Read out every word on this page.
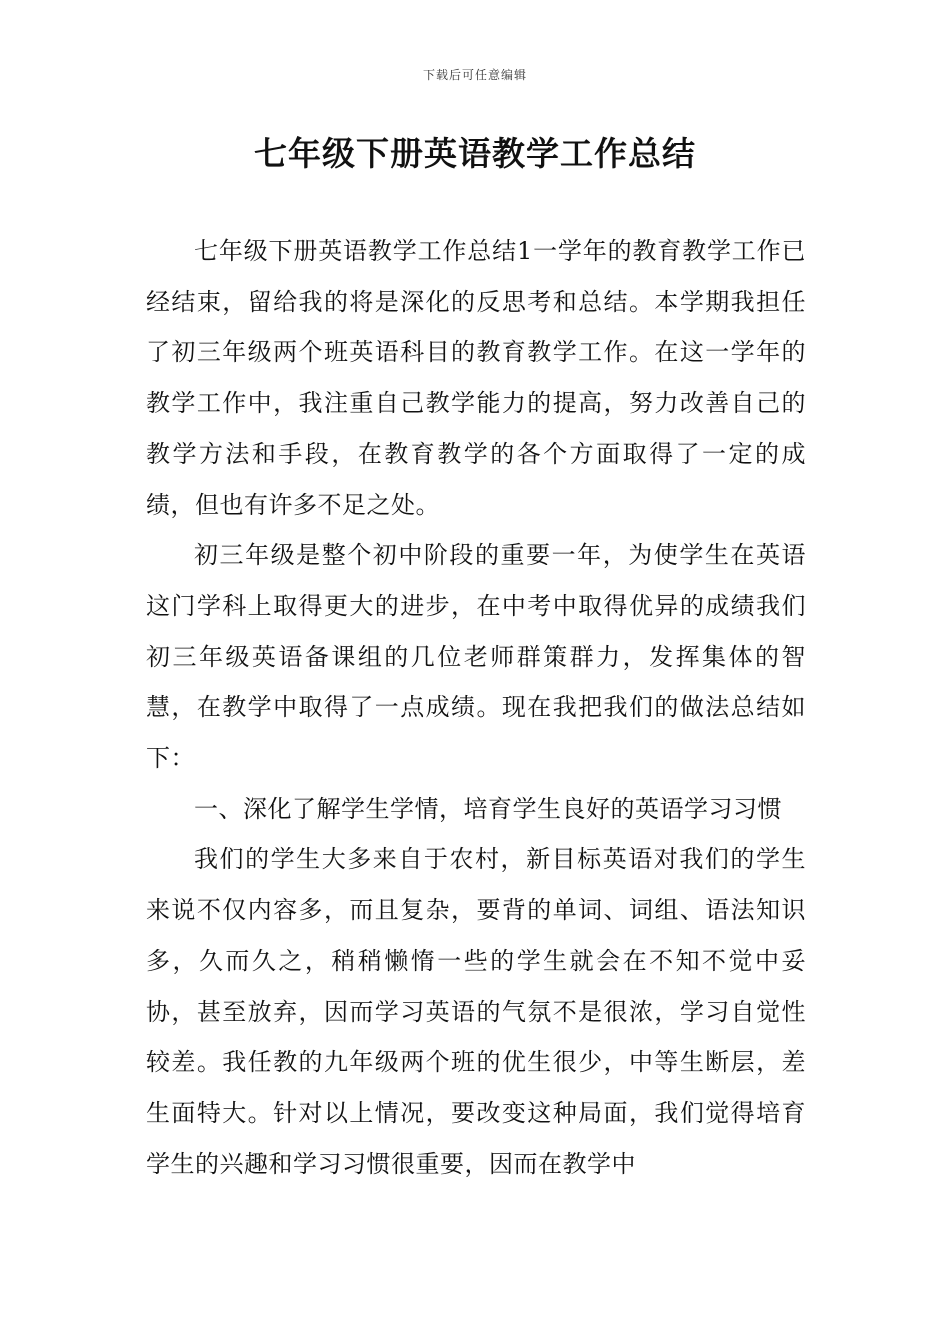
下载后可任意编辑
七年级下册英语教学工作总结

七年级下册英语教学工作总结1一学年的教育教学工作已经结束，留给我的将是深化的反思考和总结。本学期我担任了初三年级两个班英语科目的教育教学工作。在这一学年的教学工作中，我注重自己教学能力的提高，努力改善自己的教学方法和手段，在教育教学的各个方面取得了一定的成绩，但也有许多不足之处。

初三年级是整个初中阶段的重要一年，为使学生在英语这门学科上取得更大的进步，在中考中取得优异的成绩我们初三年级英语备课组的几位老师群策群力，发挥集体的智慧，在教学中取得了一点成绩。现在我把我们的做法总结如下：

一、深化了解学生学情，培育学生良好的英语学习习惯

我们的学生大多来自于农村，新目标英语对我们的学生来说不仅内容多，而且复杂，要背的单词、词组、语法知识多，久而久之，稍稍懒惰一些的学生就会在不知不觉中妥协，甚至放弃，因而学习英语的气氛不是很浓，学习自觉性较差。我任教的九年级两个班的优生很少，中等生断层，差生面特大。针对以上情况，要改变这种局面，我们觉得培育学生的兴趣和学习习惯很重要，因而在教学中
